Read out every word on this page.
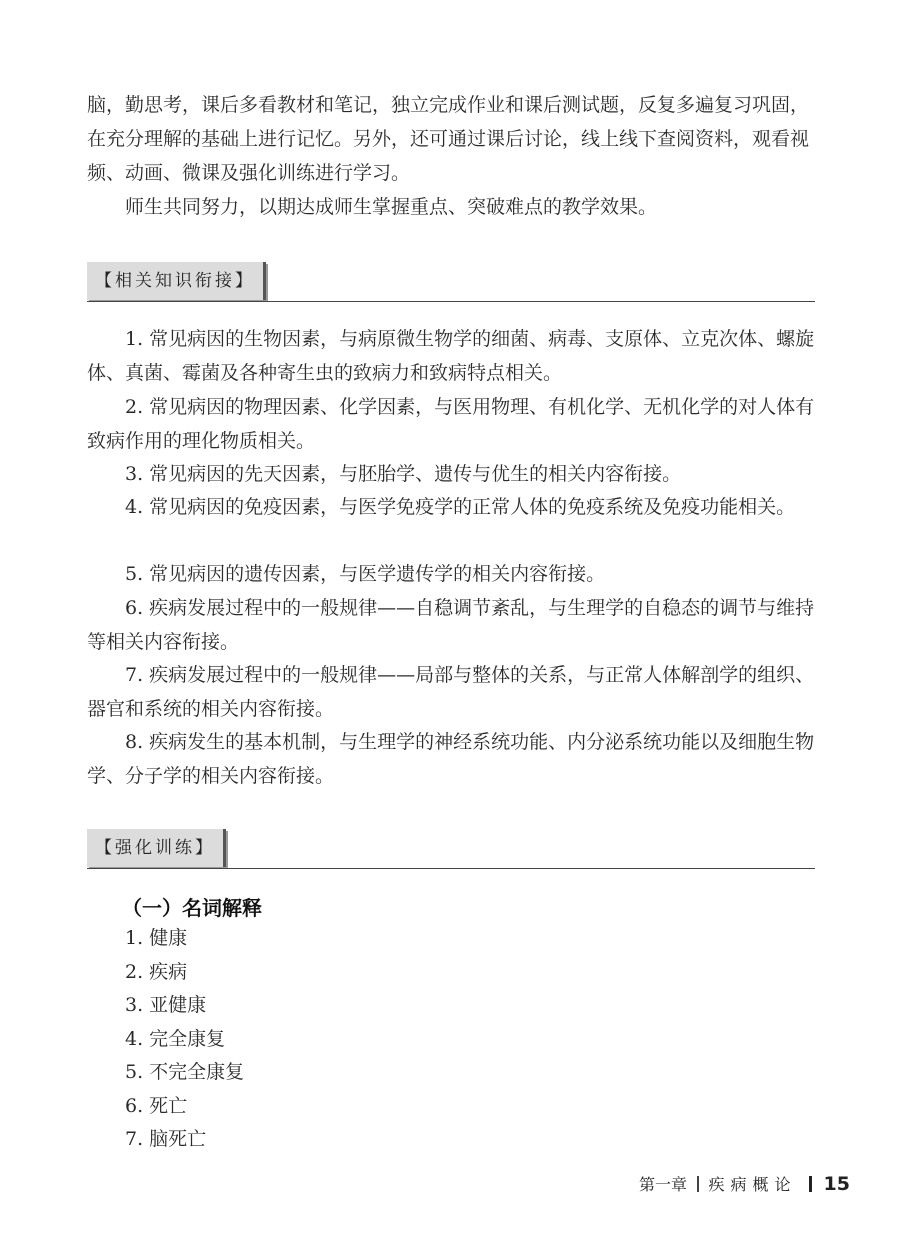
脑，勤思考，课后多看教材和笔记，独立完成作业和课后测试题，反复多遍复习巩固，在充分理解的基础上进行记忆。另外，还可通过课后讨论，线上线下查阅资料，观看视频、动画、微课及强化训练进行学习。

师生共同努力，以期达成师生掌握重点、突破难点的教学效果。

【相关知识衔接】

1. 常见病因的生物因素，与病原微生物学的细菌、病毒、支原体、立克次体、螺旋体、真菌、霉菌及各种寄生虫的致病力和致病特点相关。

2. 常见病因的物理因素、化学因素，与医用物理、有机化学、无机化学的对人体有致病作用的理化物质相关。

3. 常见病因的先天因素，与胚胎学、遗传与优生的相关内容衔接。

4. 常见病因的免疫因素，与医学免疫学的正常人体的免疫系统及免疫功能相关。

5. 常见病因的遗传因素，与医学遗传学的相关内容衔接。

6. 疾病发展过程中的一般规律——自稳调节紊乱，与生理学的自稳态的调节与维持等相关内容衔接。

7. 疾病发展过程中的一般规律——局部与整体的关系，与正常人体解剖学的组织、器官和系统的相关内容衔接。

8. 疾病发生的基本机制，与生理学的神经系统功能、内分泌系统功能以及细胞生物学、分子学的相关内容衔接。

【强化训练】
（一）名词解释
1. 健康
2. 疾病
3. 亚健康
4. 完全康复
5. 不完全康复
6. 死亡
7. 脑死亡
第一章 疾病概论 15
